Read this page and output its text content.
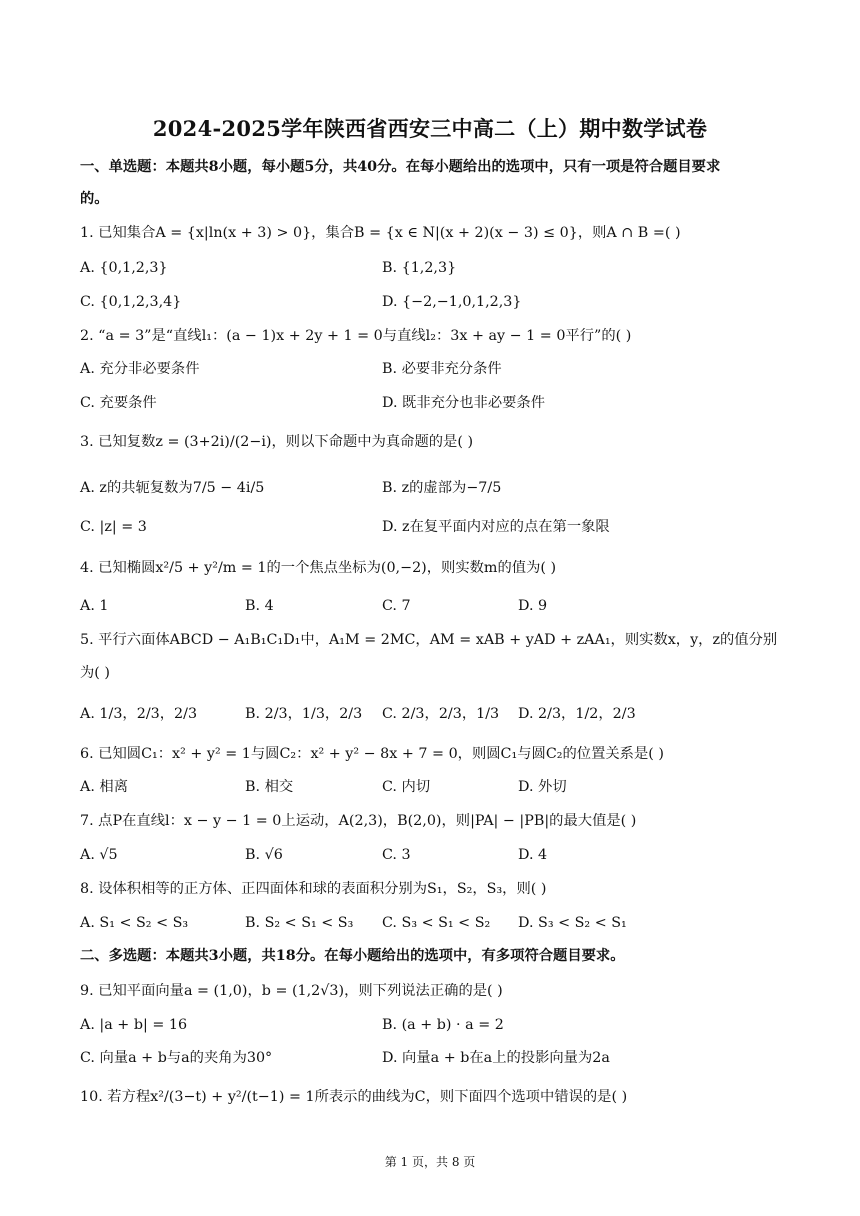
2024-2025学年陕西省西安三中高二（上）期中数学试卷
一、单选题：本题共8小题，每小题5分，共40分。在每小题给出的选项中，只有一项是符合题目要求
的。
1. 已知集合A = {x|ln(x + 3) > 0}，集合B = {x ∈ N|(x + 2)(x − 3) ≤ 0}，则A ∩ B =( )
A. {0,1,2,3}	B. {1,2,3}
C. {0,1,2,3,4}	D. {−2,−1,0,1,2,3}
2. “a = 3”是“直线l₁：(a − 1)x + 2y + 1 = 0与直线l₂：3x + ay − 1 = 0平行”的( )
A. 充分非必要条件	B. 必要非充分条件
C. 充要条件	D. 既非充分也非必要条件
3. 已知复数z = (3+2i)/(2−i)，则以下命题中为真命题的是( )
A. z的共轭复数为7/5 − 4i/5	B. z的虚部为−7/5
C. |z| = 3	D. z在复平面内对应的点在第一象限
4. 已知椭圆x²/5 + y²/m = 1的一个焦点坐标为(0,−2)，则实数m的值为( )
A. 1	B. 4	C. 7	D. 9
5. 平行六面体ABCD − A₁B₁C₁D₁中，A₁M = 2MC，AM = xAB + yAD + zAA₁，则实数x，y，z的值分别
为( )
A. 1/3，2/3，2/3	B. 2/3，1/3，2/3 C. 2/3，2/3，1/3 D. 2/3，1/2，2/3
6. 已知圆C₁：x² + y² = 1与圆C₂：x² + y² − 8x + 7 = 0，则圆C₁与圆C₂的位置关系是( )
A. 相离	B. 相交	C. 内切	D. 外切
7. 点P在直线l：x − y − 1 = 0上运动，A(2,3)，B(2,0)，则|PA| − |PB|的最大值是( )
A. √5	B. √6	C. 3	D. 4
8. 设体积相等的正方体、正四面体和球的表面积分别为S₁，S₂，S₃，则( )
A. S₁ < S₂ < S₃	B. S₂ < S₁ < S₃ C. S₃ < S₁ < S₂ D. S₃ < S₂ < S₁
二、多选题：本题共3小题，共18分。在每小题给出的选项中，有多项符合题目要求。
9. 已知平面向量a = (1,0)，b = (1,2√3)，则下列说法正确的是( )
A. |a + b| = 16	B. (a + b) · a = 2
C. 向量a + b与a的夹角为30°	D. 向量a + b在a上的投影向量为2a
10. 若方程x²/(3−t) + y²/(t−1) = 1所表示的曲线为C，则下面四个选项中错误的是( )
第 1 页，共 8 页
